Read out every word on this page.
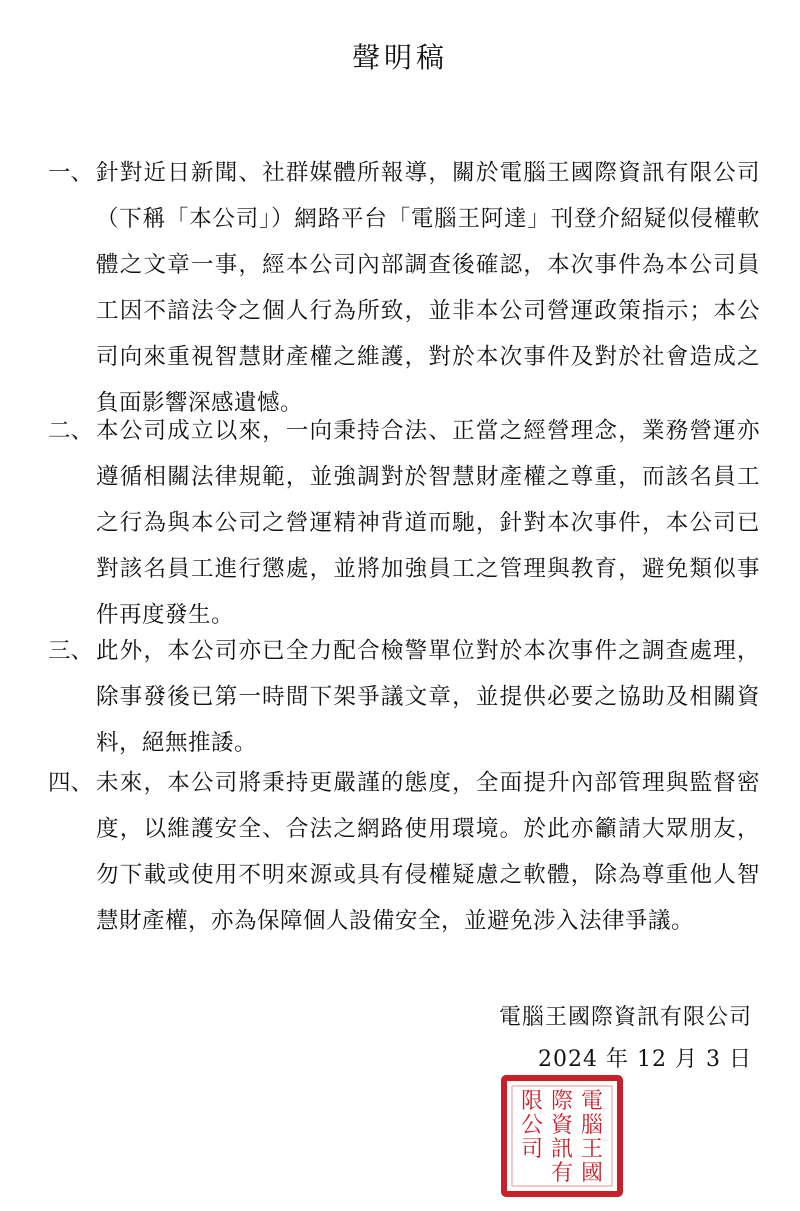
聲明稿
一、 針對近日新聞、社群媒體所報導，關於電腦王國際資訊有限公司（下稱「本公司」）網路平台「電腦王阿達」刊登介紹疑似侵權軟體之文章一事，經本公司內部調查後確認，本次事件為本公司員工因不諳法令之個人行為所致，並非本公司營運政策指示；本公司向來重視智慧財產權之維護，對於本次事件及對於社會造成之負面影響深感遺憾。
二、 本公司成立以來，一向秉持合法、正當之經營理念，業務營運亦遵循相關法律規範，並強調對於智慧財產權之尊重，而該名員工之行為與本公司之營運精神背道而馳，針對本次事件，本公司已對該名員工進行懲處，並將加強員工之管理與教育，避免類似事件再度發生。
三、 此外，本公司亦已全力配合檢警單位對於本次事件之調查處理，除事發後已第一時間下架爭議文章，並提供必要之協助及相關資料，絕無推諉。
四、 未來，本公司將秉持更嚴謹的態度，全面提升內部管理與監督密度，以維護安全、合法之網路使用環境。於此亦籲請大眾朋友，勿下載或使用不明來源或具有侵權疑慮之軟體，除為尊重他人智慧財產權，亦為保障個人設備安全，並避免涉入法律爭議。
電腦王國際資訊有限公司
2024 年 12 月 3 日
電
腦
王
國
際
資
訊
有
限
公
司
